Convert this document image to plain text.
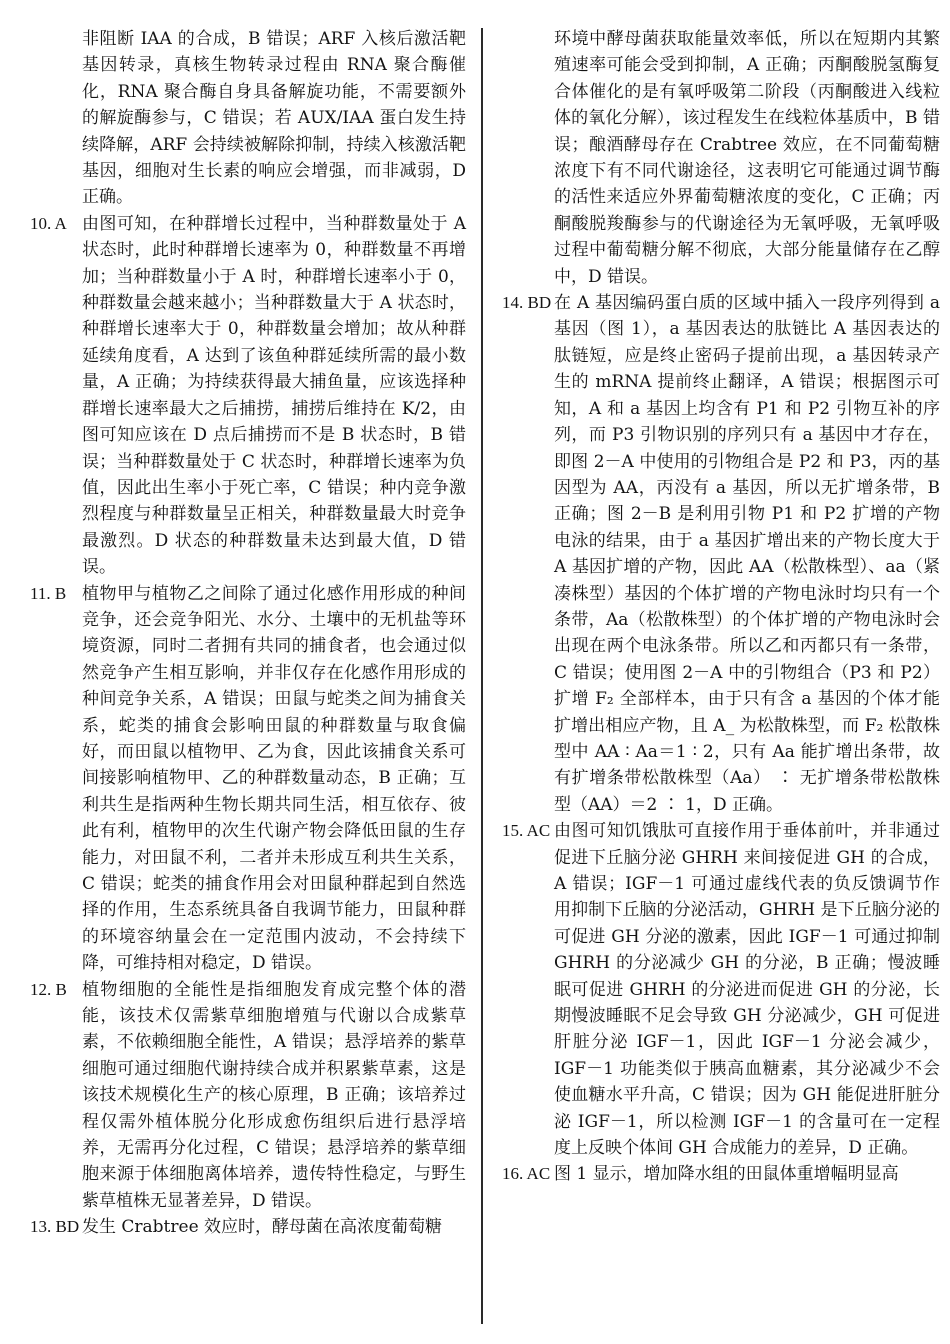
非阻断 IAA 的合成，B 错误；ARF 入核后激活靶基因转录，真核生物转录过程由 RNA 聚合酶催化，RNA 聚合酶自身具备解旋功能，不需要额外的解旋酶参与，C 错误；若 AUX/IAA 蛋白发生持续降解，ARF 会持续被解除抑制，持续入核激活靶基因，细胞对生长素的响应会增强，而非减弱，D 正确。
10. A 由图可知，在种群增长过程中，当种群数量处于 A 状态时，此时种群增长速率为 0，种群数量不再增加；当种群数量小于 A 时，种群增长速率小于 0，种群数量会越来越小；当种群数量大于 A 状态时，种群增长速率大于 0，种群数量会增加；故从种群延续角度看，A 达到了该鱼种群延续所需的最小数量，A 正确；为持续获得最大捕鱼量，应该选择种群增长速率最大之后捕捞，捕捞后维持在 K/2，由图可知应该在 D 点后捕捞而不是 B 状态时，B 错误；当种群数量处于 C 状态时，种群增长速率为负值，因此出生率小于死亡率，C 错误；种内竞争激烈程度与种群数量呈正相关，种群数量最大时竞争最激烈。D 状态的种群数量未达到最大值，D 错误。
11. B 植物甲与植物乙之间除了通过化感作用形成的种间竞争，还会竞争阳光、水分、土壤中的无机盐等环境资源，同时二者拥有共同的捕食者，也会通过似然竞争产生相互影响，并非仅存在化感作用形成的种间竞争关系，A 错误；田鼠与蛇类之间为捕食关系，蛇类的捕食会影响田鼠的种群数量与取食偏好，而田鼠以植物甲、乙为食，因此该捕食关系可间接影响植物甲、乙的种群数量动态，B 正确；互利共生是指两种生物长期共同生活，相互依存、彼此有利，植物甲的次生代谢产物会降低田鼠的生存能力，对田鼠不利，二者并未形成互利共生关系，C 错误；蛇类的捕食作用会对田鼠种群起到自然选择的作用，生态系统具备自我调节能力，田鼠种群的环境容纳量会在一定范围内波动，不会持续下降，可维持相对稳定，D 错误。
12. B 植物细胞的全能性是指细胞发育成完整个体的潜能，该技术仅需紫草细胞增殖与代谢以合成紫草素，不依赖细胞全能性，A 错误；悬浮培养的紫草细胞可通过细胞代谢持续合成并积累紫草素，这是该技术规模化生产的核心原理，B 正确；该培养过程仅需外植体脱分化形成愈伤组织后进行悬浮培养，无需再分化过程，C 错误；悬浮培养的紫草细胞来源于体细胞离体培养，遗传特性稳定，与野生紫草植株无显著差异，D 错误。
13. BD 发生 Crabtree 效应时，酵母菌在高浓度葡萄糖
环境中酵母菌获取能量效率低，所以在短期内其繁殖速率可能会受到抑制，A 正确；丙酮酸脱氢酶复合体催化的是有氧呼吸第二阶段（丙酮酸进入线粒体的氧化分解），该过程发生在线粒体基质中，B 错误；酿酒酵母存在 Crabtree 效应，在不同葡萄糖浓度下有不同代谢途径，这表明它可能通过调节酶的活性来适应外界葡萄糖浓度的变化，C 正确；丙酮酸脱羧酶参与的代谢途径为无氧呼吸，无氧呼吸过程中葡萄糖分解不彻底，大部分能量储存在乙醇中，D 错误。
14. BD 在 A 基因编码蛋白质的区域中插入一段序列得到 a 基因（图 1），a 基因表达的肽链比 A 基因表达的肽链短，应是终止密码子提前出现，a 基因转录产生的 mRNA 提前终止翻译，A 错误；根据图示可知，A 和 a 基因上均含有 P1 和 P2 引物互补的序列，而 P3 引物识别的序列只有 a 基因中才存在，即图 2－A 中使用的引物组合是 P2 和 P3，丙的基因型为 AA，丙没有 a 基因，所以无扩增条带，B 正确；图 2－B 是利用引物 P1 和 P2 扩增的产物电泳的结果，由于 a 基因扩增出来的产物长度大于 A 基因扩增的产物，因此 AA（松散株型）、aa（紧凑株型）基因的个体扩增的产物电泳时均只有一个条带，Aa（松散株型）的个体扩增的产物电泳时会出现在两个电泳条带。所以乙和丙都只有一条带，C 错误；使用图 2－A 中的引物组合（P3 和 P2）扩增 F₂ 全部样本，由于只有含 a 基因的个体才能扩增出相应产物，且 A_ 为松散株型，而 F₂ 松散株型中 AA ∶ Aa＝1 ∶ 2，只有 Aa 能扩增出条带，故有扩增条带松散株型（Aa） ∶ 无扩增条带松散株型（AA）＝2 ∶ 1，D 正确。
15. AC 由图可知饥饿肽可直接作用于垂体前叶，并非通过促进下丘脑分泌 GHRH 来间接促进 GH 的合成，A 错误；IGF－1 可通过虚线代表的负反馈调节作用抑制下丘脑的分泌活动，GHRH 是下丘脑分泌的可促进 GH 分泌的激素，因此 IGF－1 可通过抑制 GHRH 的分泌减少 GH 的分泌，B 正确；慢波睡眠可促进 GHRH 的分泌进而促进 GH 的分泌，长期慢波睡眠不足会导致 GH 分泌减少，GH 可促进肝脏分泌 IGF－1，因此 IGF－1 分泌会减少，IGF－1 功能类似于胰高血糖素，其分泌减少不会使血糖水平升高，C 错误；因为 GH 能促进肝脏分泌 IGF－1，所以检测 IGF－1 的含量可在一定程度上反映个体间 GH 合成能力的差异，D 正确。
16. AC 图 1 显示，增加降水组的田鼠体重增幅明显高
